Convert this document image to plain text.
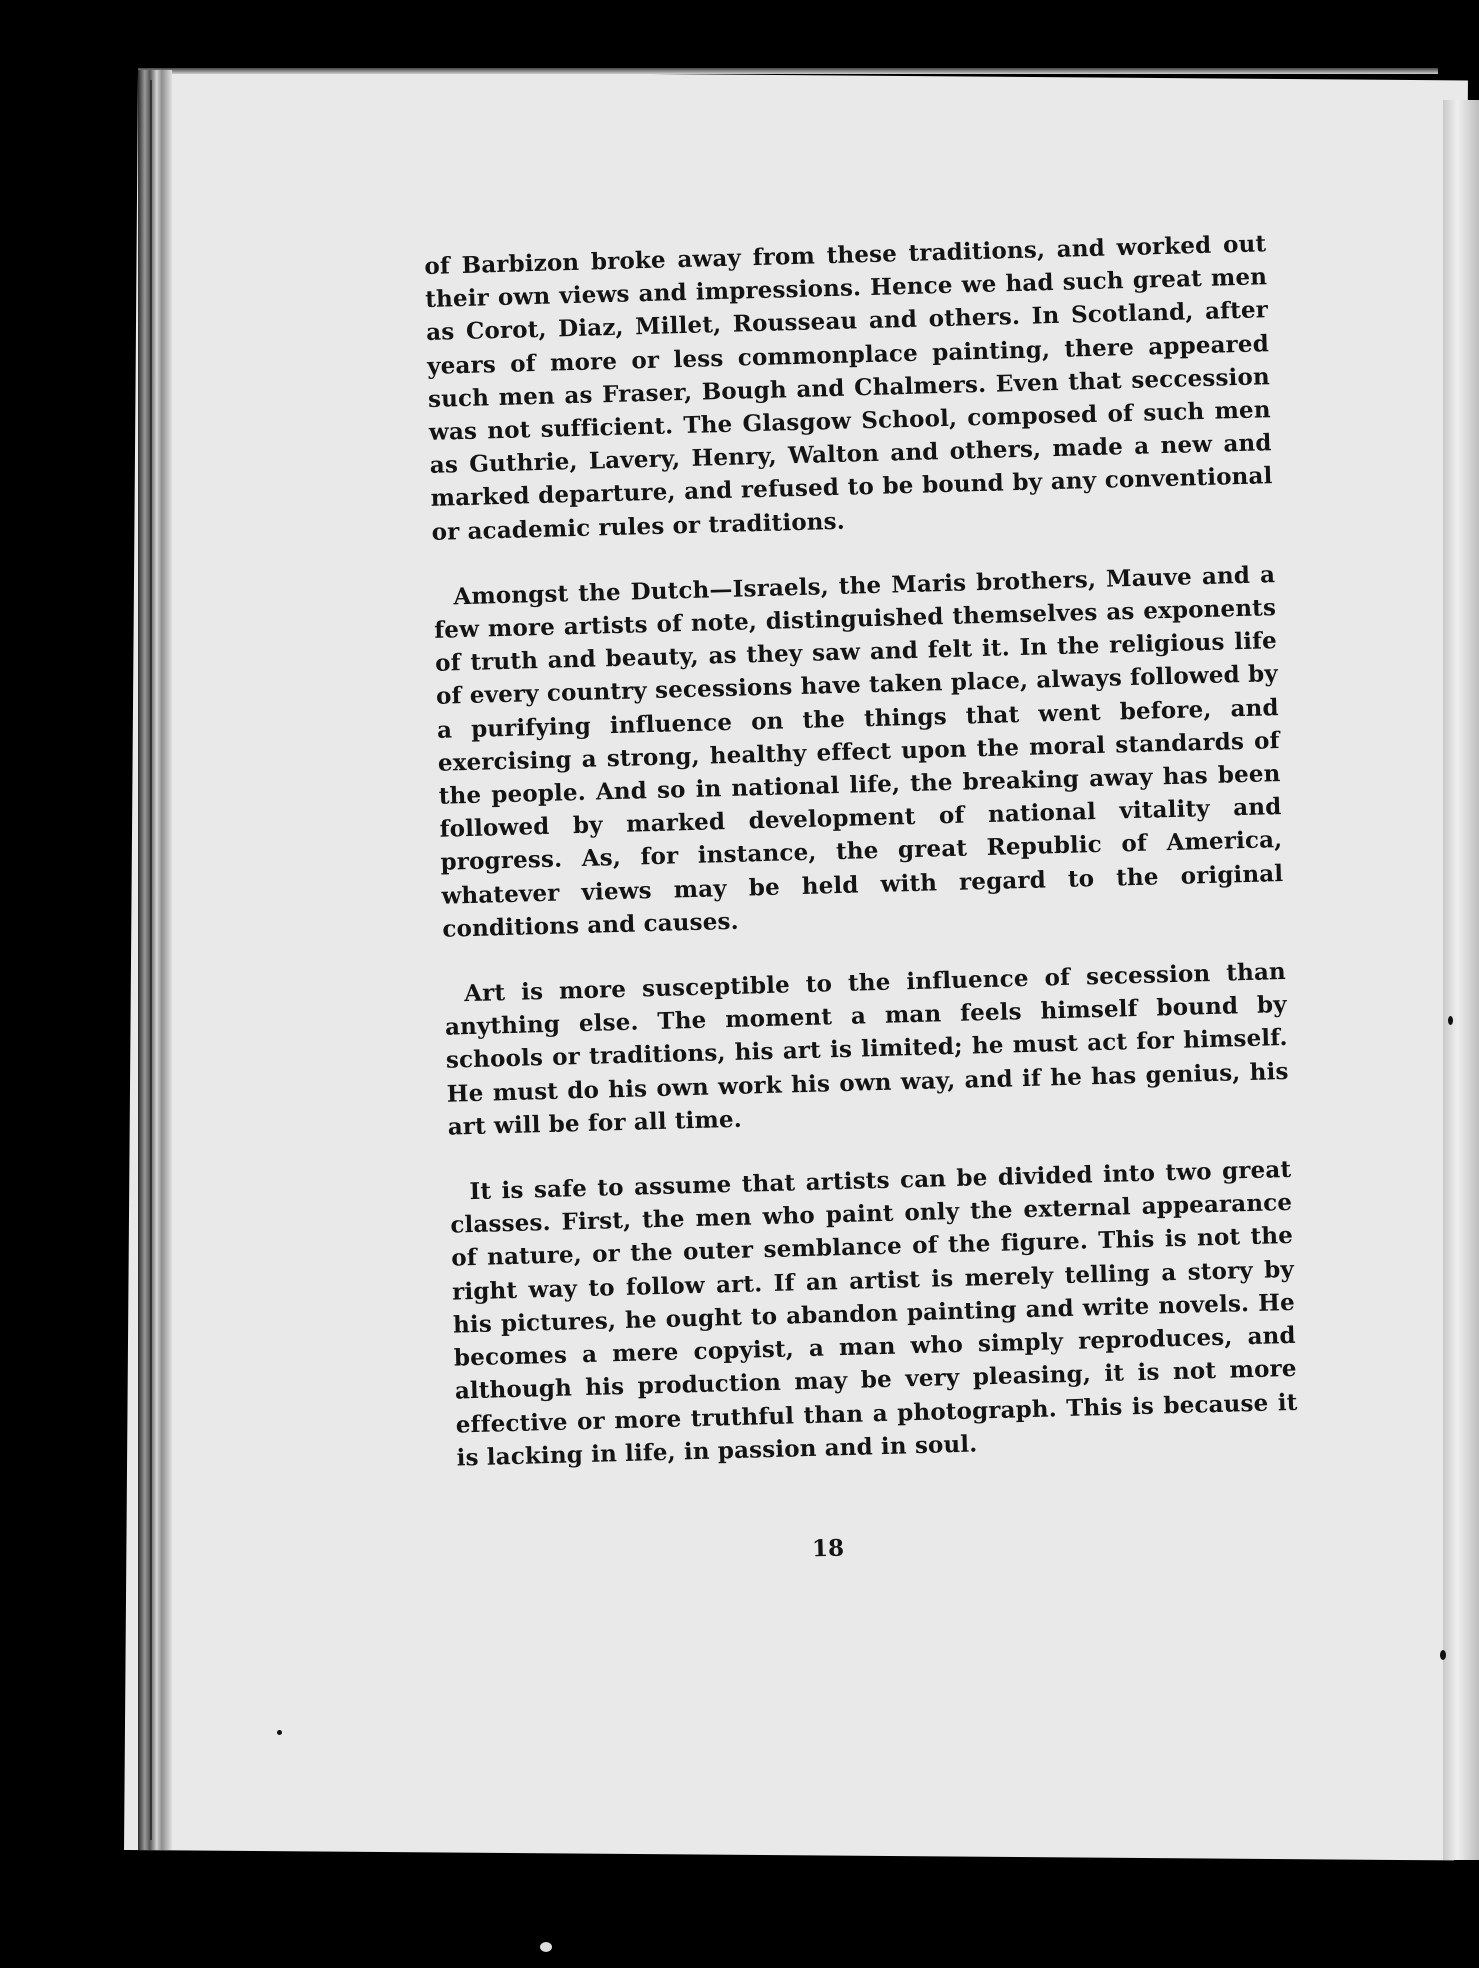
of Barbizon broke away from these traditions, and worked out their own views and impressions. Hence we had such great men as Corot, Diaz, Millet, Rousseau and others. In Scotland, after years of more or less commonplace painting, there appeared such men as Fraser, Bough and Chalmers. Even that seccession was not sufficient. The Glasgow School, composed of such men as Guthrie, Lavery, Henry, Walton and others, made a new and marked departure, and refused to be bound by any conventional or academic rules or traditions.

Amongst the Dutch—Israels, the Maris brothers, Mauve and a few more artists of note, distinguished themselves as exponents of truth and beauty, as they saw and felt it. In the religious life of every country secessions have taken place, always followed by a purifying influence on the things that went before, and exercising a strong, healthy effect upon the moral standards of the people. And so in national life, the breaking away has been followed by marked development of national vitality and progress. As, for instance, the great Republic of America, whatever views may be held with regard to the original conditions and causes.

Art is more susceptible to the influence of secession than anything else. The moment a man feels himself bound by schools or traditions, his art is limited; he must act for himself. He must do his own work his own way, and if he has genius, his art will be for all time.

It is safe to assume that artists can be divided into two great classes. First, the men who paint only the external appearance of nature, or the outer semblance of the figure. This is not the right way to follow art. If an artist is merely telling a story by his pictures, he ought to abandon painting and write novels. He becomes a mere copyist, a man who simply reproduces, and although his production may be very pleasing, it is not more effective or more truthful than a photograph. This is because it is lacking in life, in passion and in soul.

18
